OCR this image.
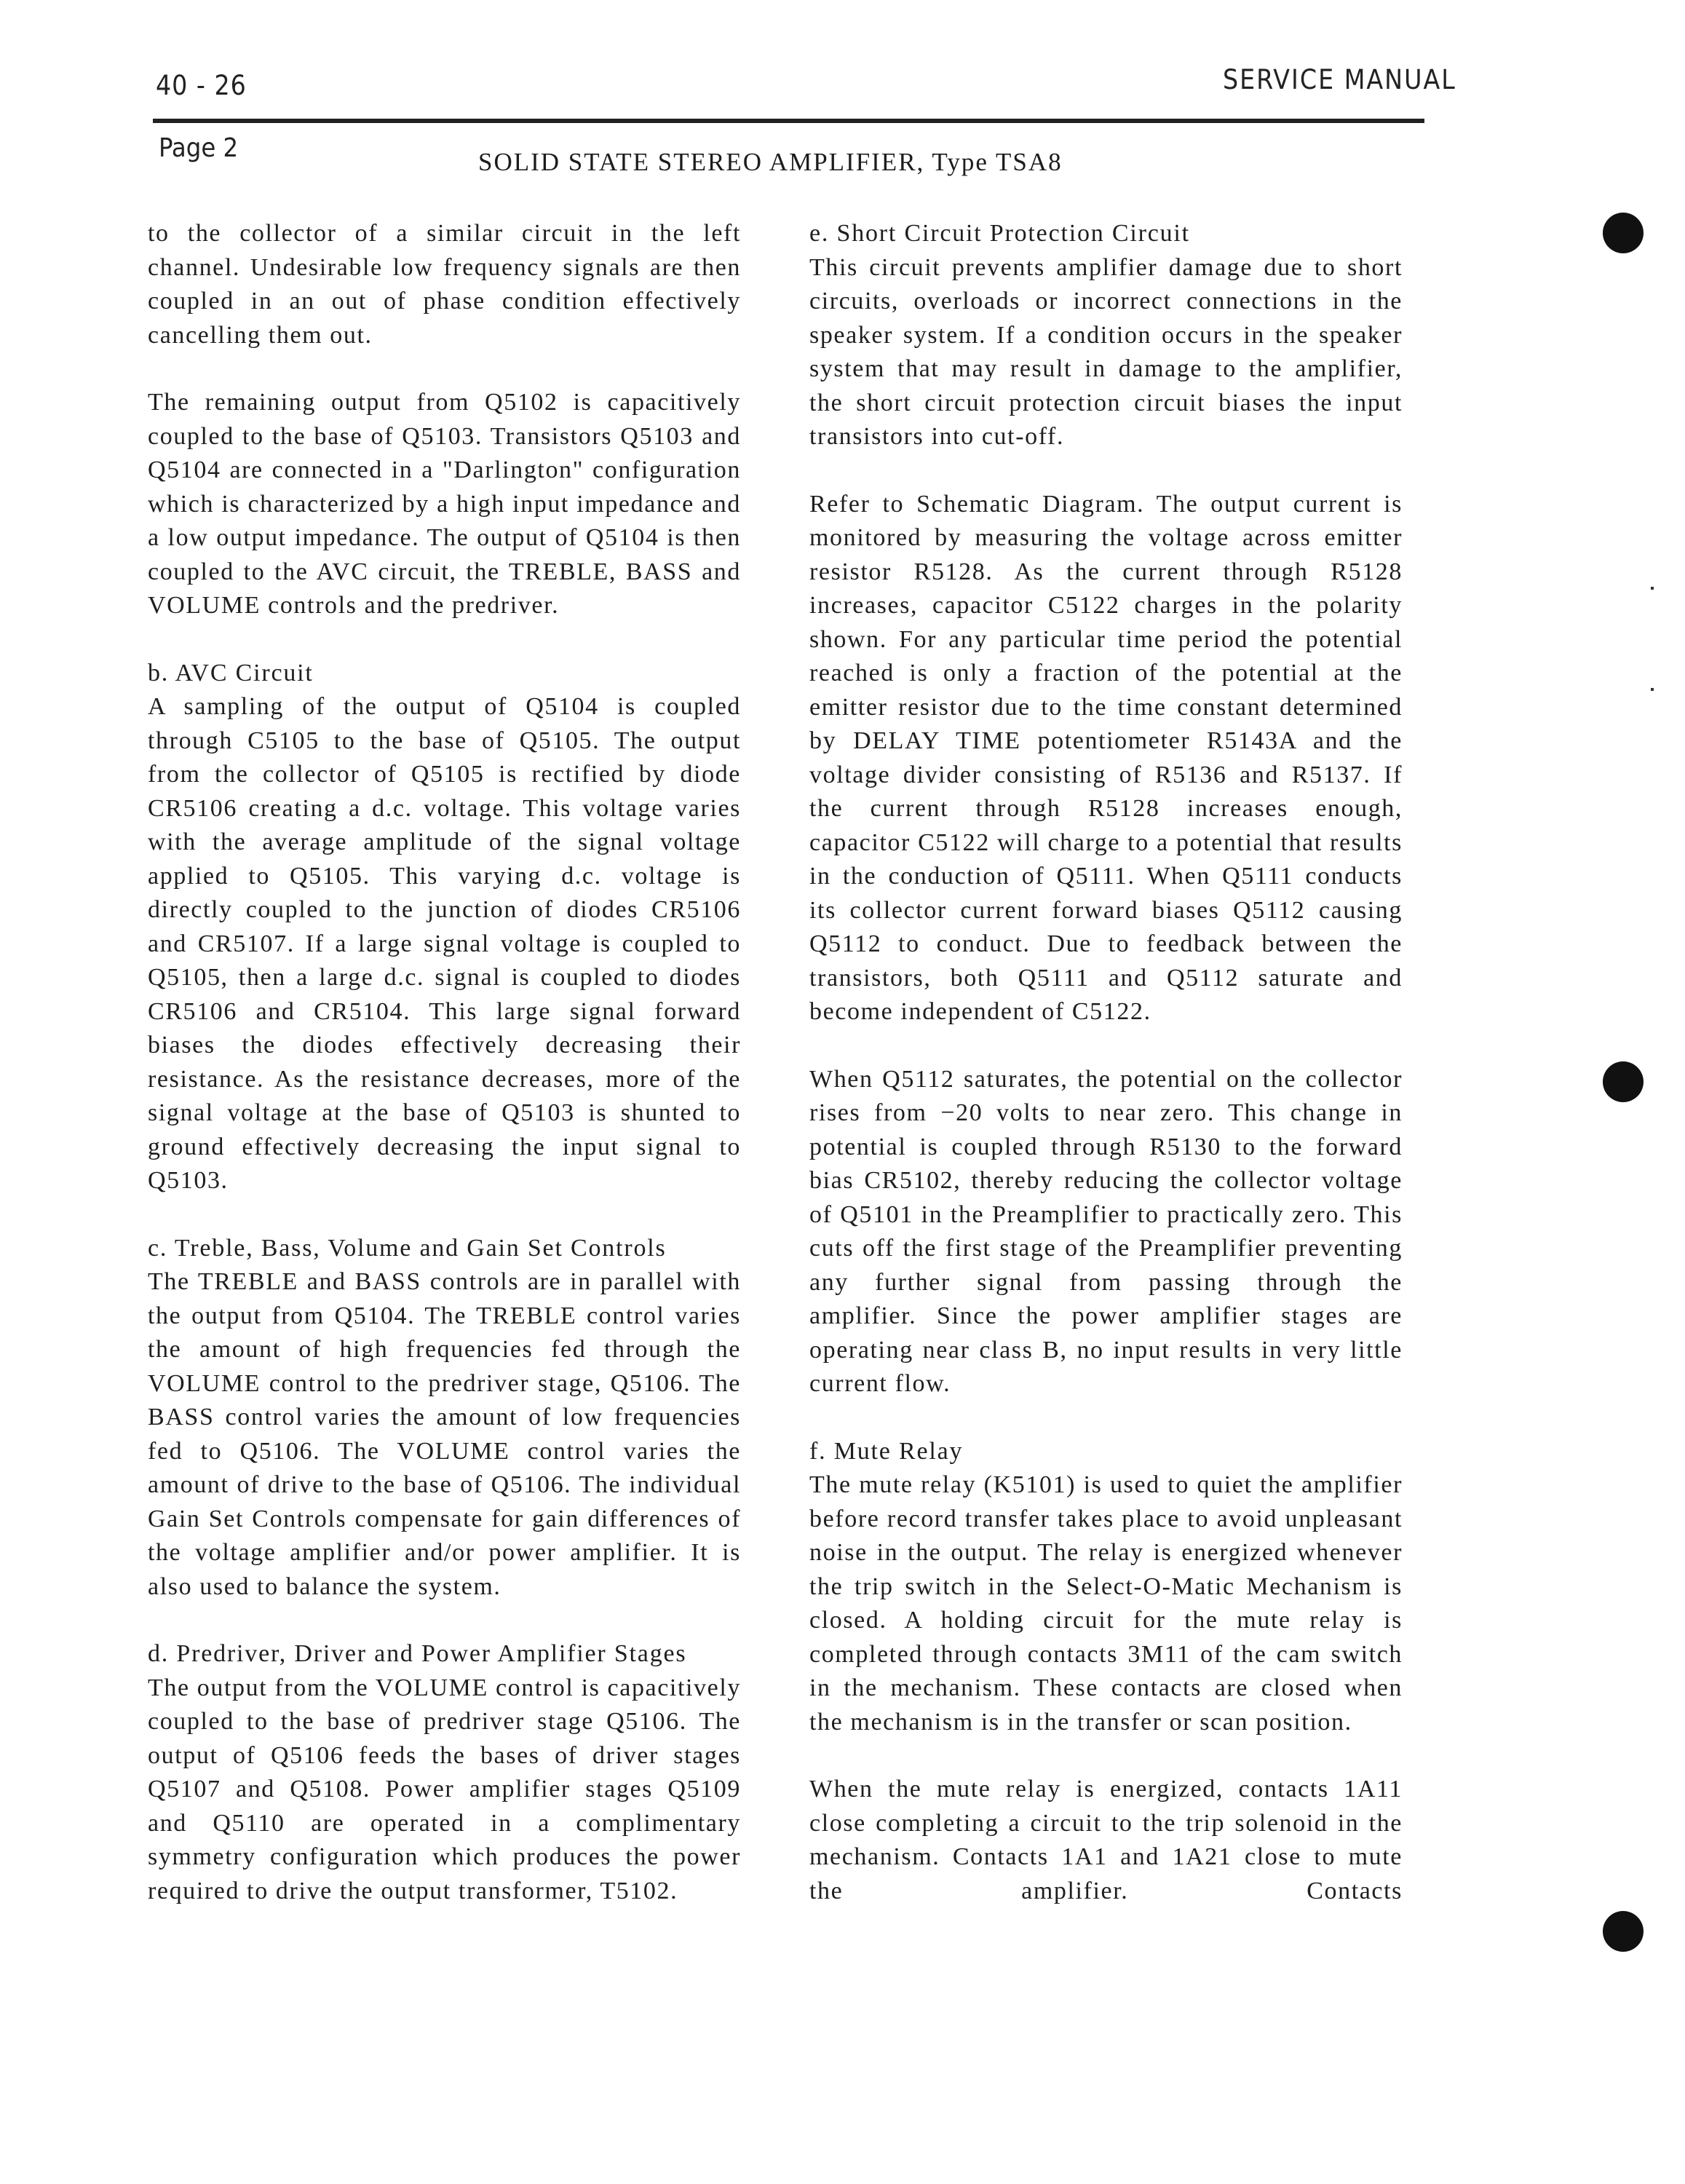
40 - 26	SERVICE MANUAL
Page 2	SOLID STATE STEREO AMPLIFIER, Type TSA8

to the collector of a similar circuit in the left channel. Undesirable low frequency signals are then coupled in an out of phase condition effectively cancelling them out.

The remaining output from Q5102 is capacitively coupled to the base of Q5103. Transistors Q5103 and Q5104 are connected in a "Darlington" configuration which is characterized by a high input impedance and a low output impedance. The output of Q5104 is then coupled to the AVC circuit, the TREBLE, BASS and VOLUME controls and the predriver.

b. AVC Circuit

A sampling of the output of Q5104 is coupled through C5105 to the base of Q5105. The output from the collector of Q5105 is rectified by diode CR5106 creating a d.c. voltage. This voltage varies with the average amplitude of the signal voltage applied to Q5105. This varying d.c. voltage is directly coupled to the junction of diodes CR5106 and CR5107. If a large signal voltage is coupled to Q5105, then a large d.c. signal is coupled to diodes CR5106 and CR5104. This large signal forward biases the diodes effectively decreasing their resistance. As the resistance decreases, more of the signal voltage at the base of Q5103 is shunted to ground effectively decreasing the input signal to Q5103.

c. Treble, Bass, Volume and Gain Set Controls

The TREBLE and BASS controls are in parallel with the output from Q5104. The TREBLE control varies the amount of high frequencies fed through the VOLUME control to the predriver stage, Q5106. The BASS control varies the amount of low frequencies fed to Q5106. The VOLUME control varies the amount of drive to the base of Q5106. The individual Gain Set Controls compensate for gain differences of the voltage amplifier and/or power amplifier. It is also used to balance the system.

d. Predriver, Driver and Power Amplifier Stages

The output from the VOLUME control is capacitively coupled to the base of predriver stage Q5106. The output of Q5106 feeds the bases of driver stages Q5107 and Q5108. Power amplifier stages Q5109 and Q5110 are operated in a complimentary symmetry configuration which produces the power required to drive the output transformer, T5102.

e. Short Circuit Protection Circuit

This circuit prevents amplifier damage due to short circuits, overloads or incorrect connections in the speaker system. If a condition occurs in the speaker system that may result in damage to the amplifier, the short circuit protection circuit biases the input transistors into cut-off.

Refer to Schematic Diagram. The output current is monitored by measuring the voltage across emitter resistor R5128. As the current through R5128 increases, capacitor C5122 charges in the polarity shown. For any particular time period the potential reached is only a fraction of the potential at the emitter resistor due to the time constant determined by DELAY TIME potentiometer R5143A and the voltage divider consisting of R5136 and R5137. If the current through R5128 increases enough, capacitor C5122 will charge to a potential that results in the conduction of Q5111. When Q5111 conducts its collector current forward biases Q5112 causing Q5112 to conduct. Due to feedback between the transistors, both Q5111 and Q5112 saturate and become independent of C5122.

When Q5112 saturates, the potential on the collector rises from −20 volts to near zero. This change in potential is coupled through R5130 to the forward bias CR5102, thereby reducing the collector voltage of Q5101 in the Preamplifier to practically zero. This cuts off the first stage of the Preamplifier preventing any further signal from passing through the amplifier. Since the power amplifier stages are operating near class B, no input results in very little current flow.

f. Mute Relay

The mute relay (K5101) is used to quiet the amplifier before record transfer takes place to avoid unpleasant noise in the output. The relay is energized whenever the trip switch in the Select-O-Matic Mechanism is closed. A holding circuit for the mute relay is completed through contacts 3M11 of the cam switch in the mechanism. These contacts are closed when the mechanism is in the transfer or scan position.

When the mute relay is energized, contacts 1A11 close completing a circuit to the trip solenoid in the mechanism. Contacts 1A1 and 1A21 close to mute the amplifier. Contacts
